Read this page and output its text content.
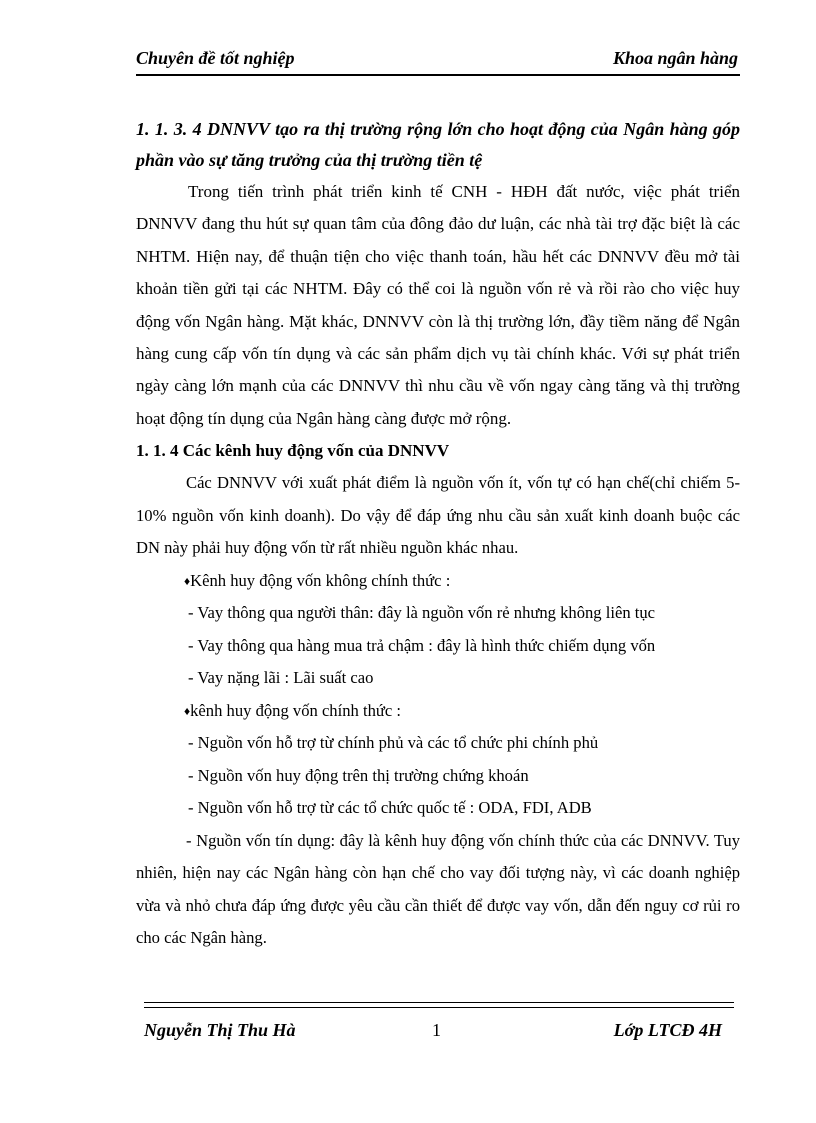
Chuyên đề tốt nghiệp	Khoa ngân hàng

1. 1. 3. 4 DNNVV tạo ra thị trường rộng lớn cho hoạt động của Ngân hàng góp phần vào sự tăng trưởng của thị trường tiền tệ

Trong tiến trình phát triển kinh tế CNH - HĐH đất nước, việc phát triển DNNVV đang thu hút sự quan tâm của đông đảo dư luận, các nhà tài trợ đặc biệt là các NHTM. Hiện nay, để thuận tiện cho việc thanh toán, hầu hết các DNNVV đều mở tài khoản tiền gửi tại các NHTM. Đây có thể coi là nguồn vốn rẻ và rồi rào cho việc huy động vốn Ngân hàng. Mặt khác, DNNVV còn là thị trường lớn, đầy tiềm năng để Ngân hàng cung cấp vốn tín dụng và các sản phẩm dịch vụ tài chính khác. Với sự phát triển ngày càng lớn mạnh của các DNNVV thì nhu cầu về vốn ngay càng tăng và thị trường hoạt động tín dụng của Ngân hàng càng được mở rộng.

1. 1. 4 Các kênh huy động vốn của DNNVV

Các DNNVV với xuất phát điểm là nguồn vốn ít, vốn tự có hạn chế(chỉ chiếm 5-10% nguồn vốn kinh doanh). Do vậy để đáp ứng nhu cầu sản xuất kinh doanh buộc các DN này phải huy động vốn từ rất nhiều nguồn khác nhau.

♦Kênh huy động vốn không chính thức :

- Vay thông qua người thân: đây là nguồn vốn rẻ nhưng không liên tục

- Vay thông qua hàng mua trả chậm : đây là hình thức chiếm dụng vốn

- Vay nặng lãi : Lãi suất cao

♦kênh huy động vốn chính thức :

- Nguồn vốn hỗ trợ từ chính phủ và các tổ chức phi chính phủ

- Nguồn vốn huy động trên thị trường chứng khoán

- Nguồn vốn hỗ trợ từ các tổ chức quốc tế : ODA, FDI, ADB

- Nguồn vốn tín dụng: đây là kênh huy động vốn chính thức của các DNNVV. Tuy nhiên, hiện nay các Ngân hàng còn hạn chế cho vay đối tượng này, vì các doanh nghiệp vừa và nhỏ chưa đáp ứng được yêu cầu cần thiết để được vay vốn, dẫn đến nguy cơ rủi ro cho các Ngân hàng.

Nguyễn Thị Thu Hà	1	Lớp LTCĐ 4H
